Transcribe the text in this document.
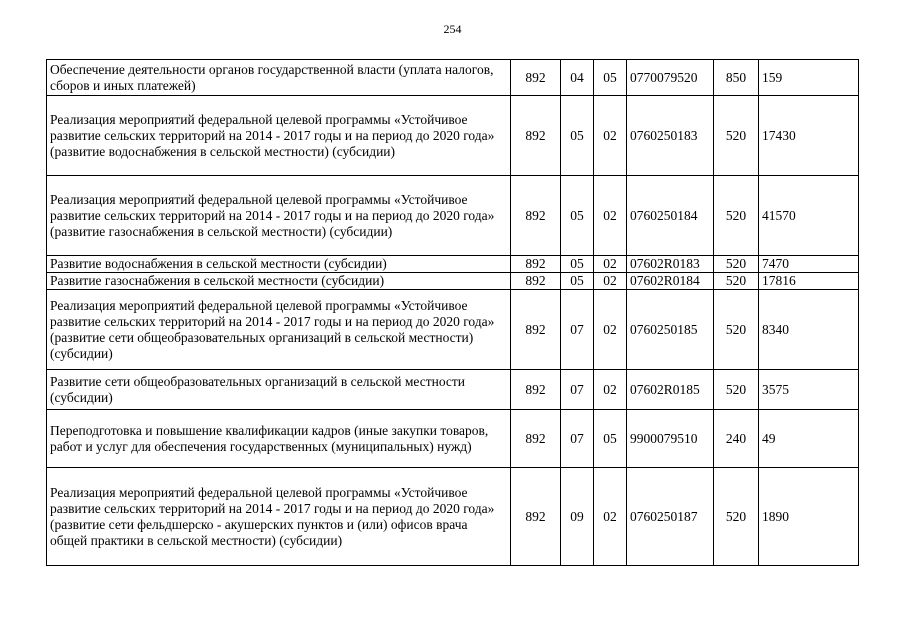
254
Обеспечение деятельности органов государственной власти (уплата налогов, сборов и иных платежей)	892	04	05	0770079520	850	159
Реализация мероприятий федеральной целевой программы «Устойчивое развитие сельских территорий на 2014 - 2017 годы и на период до 2020 года» (развитие водоснабжения в сельской местности) (субсидии)	892	05	02	0760250183	520	17430
Реализация мероприятий федеральной целевой программы «Устойчивое развитие сельских территорий на 2014 - 2017 годы и на период до 2020 года» (развитие газоснабжения в сельской местности) (субсидии)	892	05	02	0760250184	520	41570
Развитие водоснабжения в сельской местности (субсидии)	892	05	02	07602R0183	520	7470
Развитие газоснабжения в сельской местности (субсидии)	892	05	02	07602R0184	520	17816
Реализация мероприятий федеральной целевой программы «Устойчивое развитие сельских территорий на 2014 - 2017 годы и на период до 2020 года» (развитие сети общеобразовательных организаций в сельской местности) (субсидии)	892	07	02	0760250185	520	8340
Развитие сети общеобразовательных организаций в сельской местности (субсидии)	892	07	02	07602R0185	520	3575
Переподготовка и повышение квалификации кадров (иные закупки товаров, работ и услуг для обеспечения государственных (муниципальных) нужд)	892	07	05	9900079510	240	49
Реализация мероприятий федеральной целевой программы «Устойчивое развитие сельских территорий на 2014 - 2017 годы и на период до 2020 года» (развитие сети фельдшерско - акушерских пунктов и (или) офисов врача общей практики в сельской местности) (субсидии)	892	09	02	0760250187	520	1890
